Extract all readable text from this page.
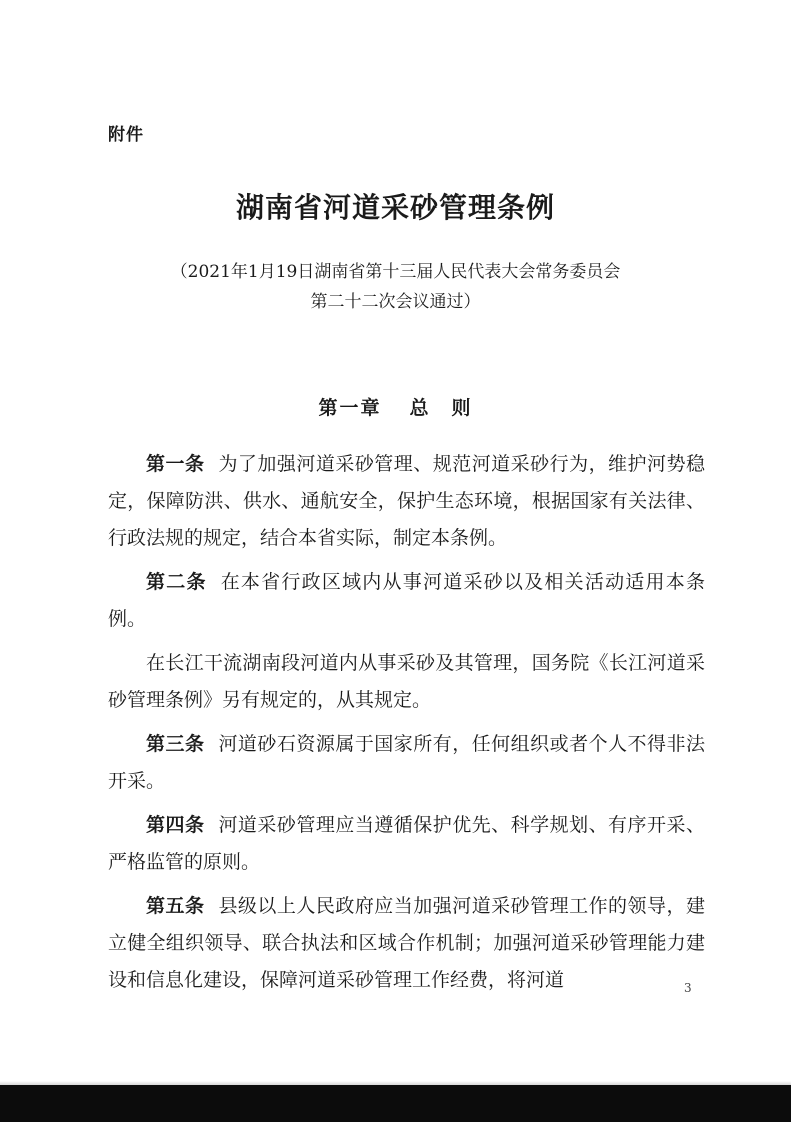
附件
湖南省河道采砂管理条例
（2021年1月19日湖南省第十三届人民代表大会常务委员会
第二十二次会议通过）
第一章 总　则

第一条 为了加强河道采砂管理、规范河道采砂行为，维护河势稳定，保障防洪、供水、通航安全，保护生态环境，根据国家有关法律、行政法规的规定，结合本省实际，制定本条例。

第二条 在本省行政区域内从事河道采砂以及相关活动适用本条例。

在长江干流湖南段河道内从事采砂及其管理，国务院《长江河道采砂管理条例》另有规定的，从其规定。

第三条 河道砂石资源属于国家所有，任何组织或者个人不得非法开采。

第四条 河道采砂管理应当遵循保护优先、科学规划、有序开采、严格监管的原则。

第五条 县级以上人民政府应当加强河道采砂管理工作的领导，建立健全组织领导、联合执法和区域合作机制；加强河道采砂管理能力建设和信息化建设，保障河道采砂管理工作经费，将河道	3
